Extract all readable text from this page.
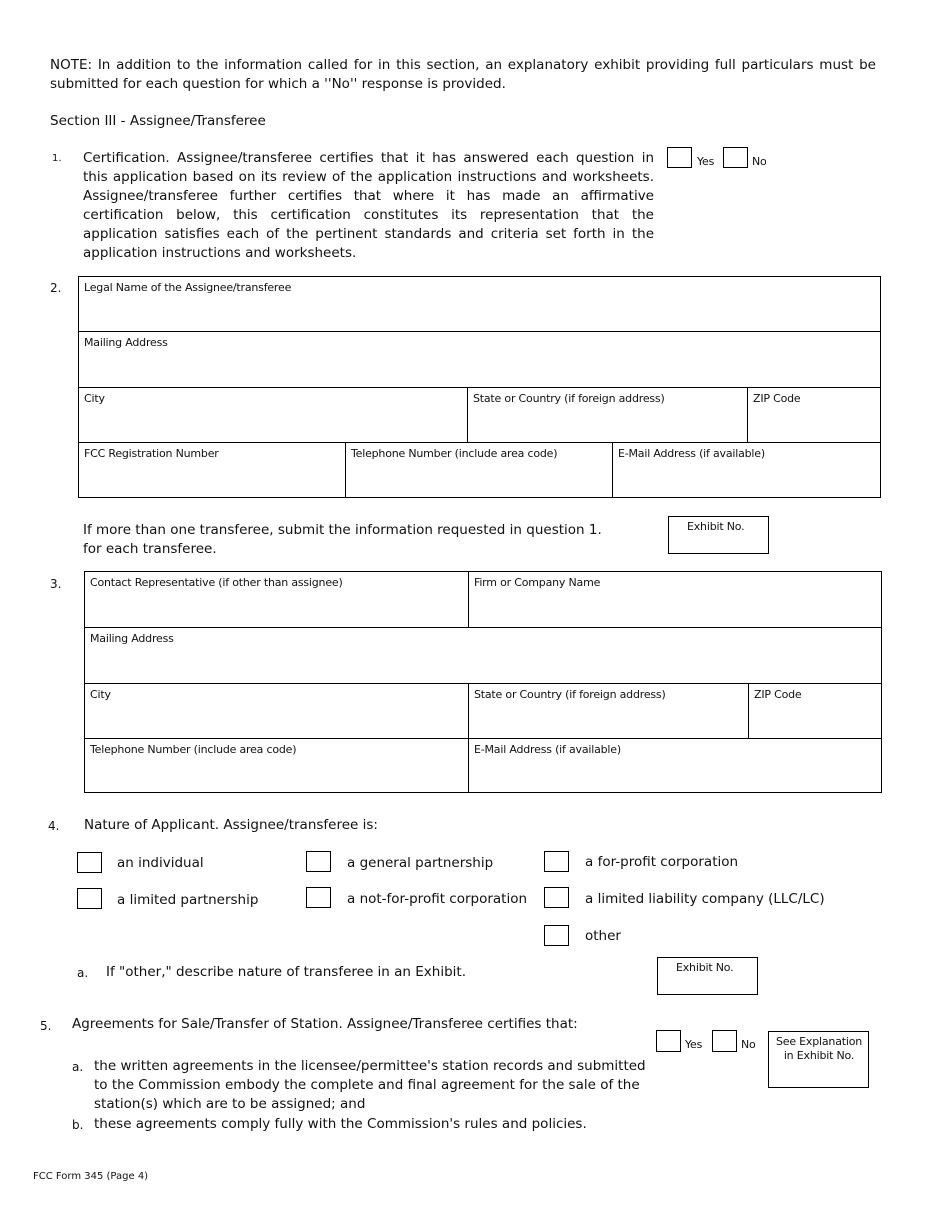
NOTE: In addition to the information called for in this section, an explanatory exhibit providing full particulars must be submitted for each question for which a ''No'' response is provided.
Section III - Assignee/Transferee
1. Certification. Assignee/transferee certifies that it has answered each question in this application based on its review of the application instructions and worksheets. Assignee/transferee further certifies that where it has made an affirmative certification below, this certification constitutes its representation that the application satisfies each of the pertinent standards and criteria set forth in the application instructions and worksheets.
Yes	No
2. Legal Name of the Assignee/transferee
Mailing Address
City	State or Country (if foreign address)	ZIP Code
FCC Registration Number	Telephone Number (include area code)	E-Mail Address (if available)
If more than one transferee, submit the information requested in question 1. for each transferee.
Exhibit No.
3.	Contact Representative (if other than assignee)	Firm or Company Name
Mailing Address
City	State or Country (if foreign address)	ZIP Code
Telephone Number (include area code)	E-Mail Address (if available)
4. Nature of Applicant. Assignee/transferee is:
an individual	a general partnership	a for-profit corporation
a limited partnership	a not-for-profit corporation	a limited liability company (LLC/LC)
other
a. If "other," describe nature of transferee in an Exhibit.	Exhibit No.
5. Agreements for Sale/Transfer of Station. Assignee/Transferee certifies that:
Yes	No See Explanation in Exhibit No.
a. the written agreements in the licensee/permittee's station records and submitted to the Commission embody the complete and final agreement for the sale of the station(s) which are to be assigned; and
b. these agreements comply fully with the Commission's rules and policies.
FCC Form 345 (Page 4)
